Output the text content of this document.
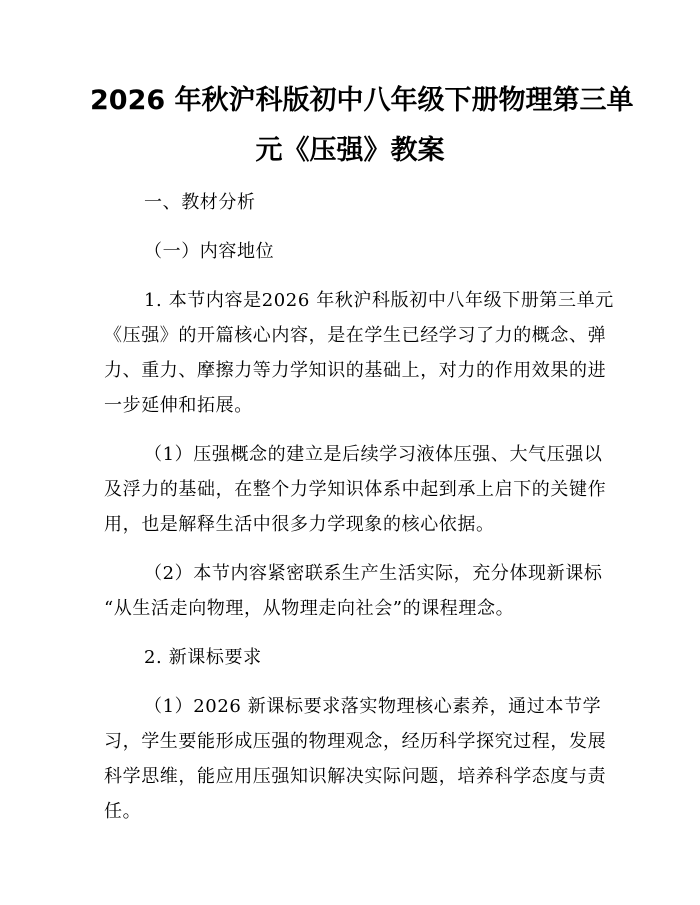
2026 年秋沪科版初中八年级下册物理第三单
元《压强》教案
一、教材分析
（一）内容地位
1. 本节内容是2026 年秋沪科版初中八年级下册第三单元
《压强》的开篇核心内容，是在学生已经学习了力的概念、弹
力、重力、摩擦力等力学知识的基础上，对力的作用效果的进
一步延伸和拓展。
（1）压强概念的建立是后续学习液体压强、大气压强以
及浮力的基础，在整个力学知识体系中起到承上启下的关键作
用，也是解释生活中很多力学现象的核心依据。
（2）本节内容紧密联系生产生活实际，充分体现新课标
“从生活走向物理，从物理走向社会”的课程理念。
2. 新课标要求
（1）2026 新课标要求落实物理核心素养，通过本节学
习，学生要能形成压强的物理观念，经历科学探究过程，发展
科学思维，能应用压强知识解决实际问题，培养科学态度与责
任。
